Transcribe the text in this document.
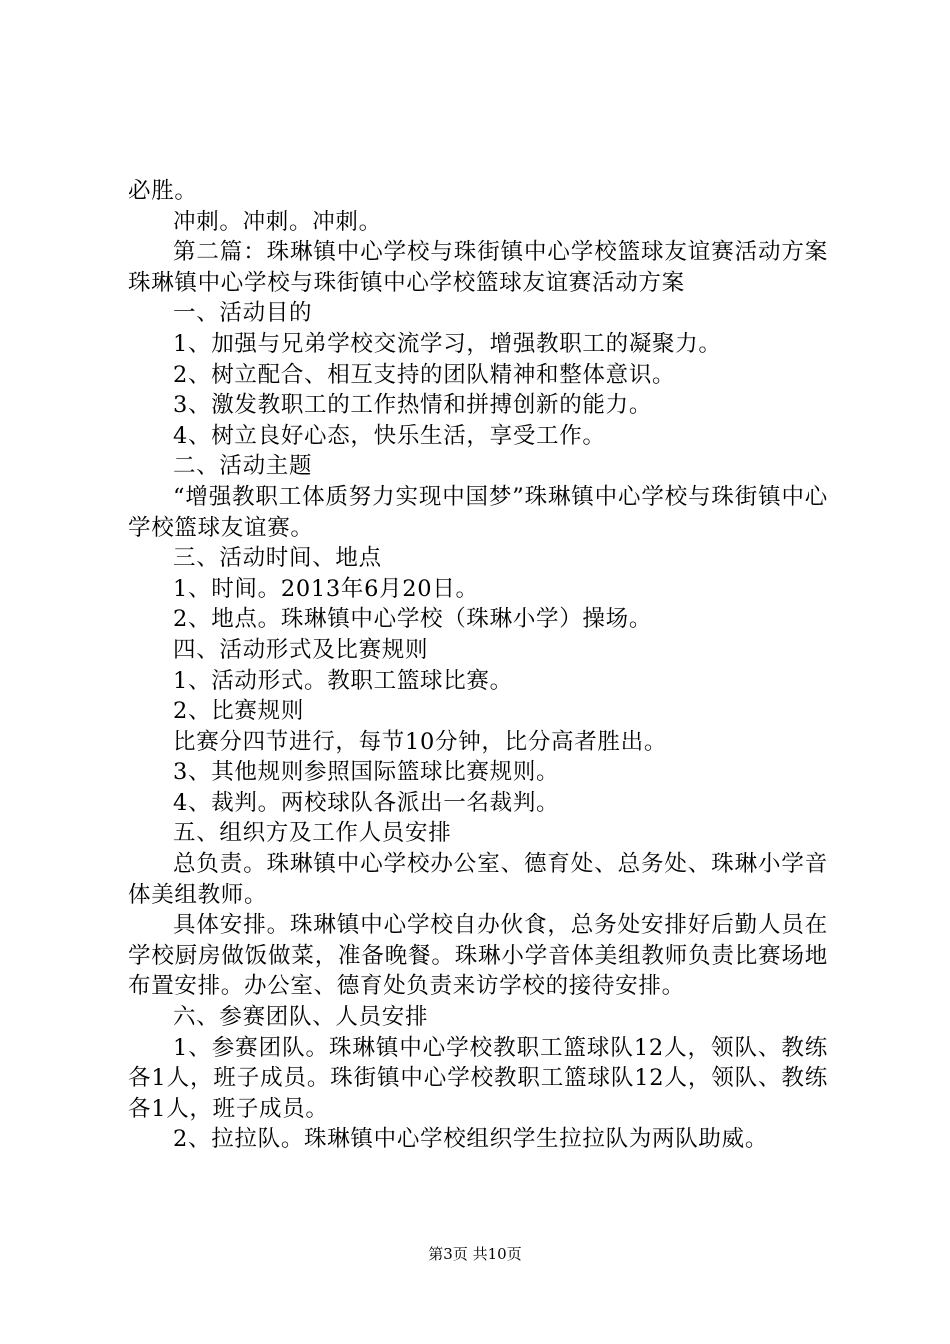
必胜。

冲刺。冲刺。冲刺。

第二篇：珠琳镇中心学校与珠街镇中心学校篮球友谊赛活动方案珠琳镇中心学校与珠街镇中心学校篮球友谊赛活动方案

一、活动目的

1、加强与兄弟学校交流学习，增强教职工的凝聚力。

2、树立配合、相互支持的团队精神和整体意识。

3、激发教职工的工作热情和拼搏创新的能力。

4、树立良好心态，快乐生活，享受工作。

二、活动主题

“增强教职工体质努力实现中国梦”珠琳镇中心学校与珠街镇中心学校篮球友谊赛。

三、活动时间、地点

1、时间。2013年6月20日。

2、地点。珠琳镇中心学校（珠琳小学）操场。

四、活动形式及比赛规则

1、活动形式。教职工篮球比赛。

2、比赛规则

比赛分四节进行，每节10分钟，比分高者胜出。

3、其他规则参照国际篮球比赛规则。

4、裁判。两校球队各派出一名裁判。

五、组织方及工作人员安排

总负责。珠琳镇中心学校办公室、德育处、总务处、珠琳小学音体美组教师。

具体安排。珠琳镇中心学校自办伙食，总务处安排好后勤人员在学校厨房做饭做菜，准备晚餐。珠琳小学音体美组教师负责比赛场地布置安排。办公室、德育处负责来访学校的接待安排。

六、参赛团队、人员安排

1、参赛团队。珠琳镇中心学校教职工篮球队12人，领队、教练各1人，班子成员。珠街镇中心学校教职工篮球队12人，领队、教练各1人，班子成员。

2、拉拉队。珠琳镇中心学校组织学生拉拉队为两队助威。

第3页 共10页
